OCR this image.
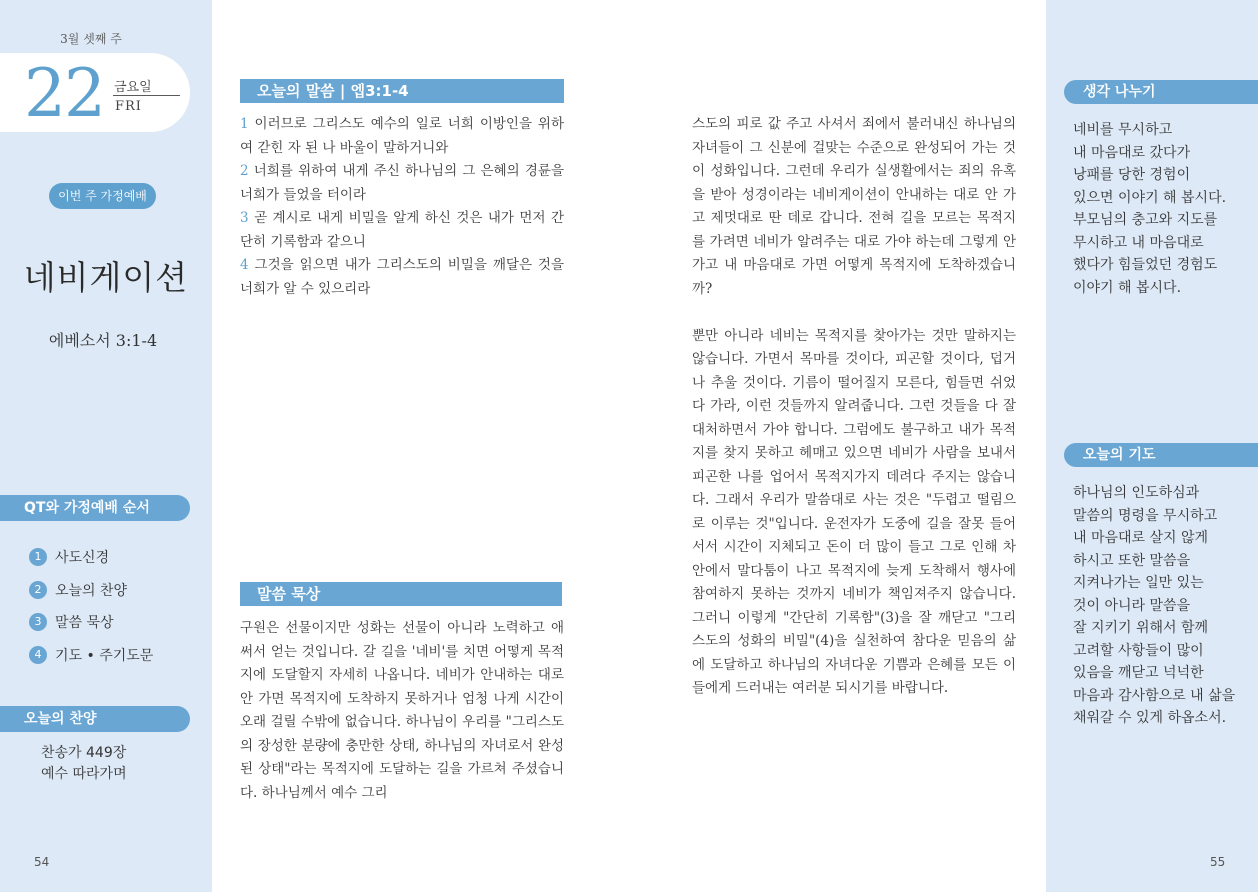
3월 셋째 주
22 금요일
FRI
이번 주 가정예배
네비게이션
에베소서 3:1-4
QT와 가정예배 순서
1 사도신경
2 오늘의 찬양
3 말씀 묵상
4 기도 • 주기도문
오늘의 찬양
찬송가 449장
예수 따라가며
54
오늘의 말씀 | 엡3:1-4
1 이러므로 그리스도 예수의 일로 너희 이방인을 위하여 갇힌 자 된 나 바울이 말하거니와
2 너희를 위하여 내게 주신 하나님의 그 은혜의 경륜을 너희가 들었을 터이라
3 곧 계시로 내게 비밀을 알게 하신 것은 내가 먼저 간단히 기록함과 같으니
4 그것을 읽으면 내가 그리스도의 비밀을 깨달은 것을 너희가 알 수 있으리라
말씀 묵상
구원은 선물이지만 성화는 선물이 아니라 노력하고 애써서 얻는 것입니다. 갈 길을 '네비'를 치면 어떻게 목적지에 도달할지 자세히 나옵니다. 네비가 안내하는 대로 안 가면 목적지에 도착하지 못하거나 엄청 나게 시간이 오래 걸릴 수밖에 없습니다. 하나님이 우리를 "그리스도의 장성한 분량에 충만한 상태, 하나님의 자녀로서 완성된 상태"라는 목적지에 도달하는 길을 가르쳐 주셨습니다. 하나님께서 예수 그리
스도의 피로 값 주고 사셔서 죄에서 불러내신 하나님의 자녀들이 그 신분에 걸맞는 수준으로 완성되어 가는 것이 성화입니다. 그런데 우리가 실생활에서는 죄의 유혹을 받아 성경이라는 네비게이션이 안내하는 대로 안 가고 제멋대로 딴 데로 갑니다. 전혀 길을 모르는 목적지를 가려면 네비가 알려주는 대로 가야 하는데 그렇게 안 가고 내 마음대로 가면 어떻게 목적지에 도착하겠습니까?
뿐만 아니라 네비는 목적지를 찾아가는 것만 말하지는 않습니다. 가면서 목마를 것이다, 피곤할 것이다, 덥거나 추울 것이다. 기름이 떨어질지 모른다, 힘들면 쉬었다 가라, 이런 것들까지 알려줍니다. 그런 것들을 다 잘 대처하면서 가야 합니다. 그럼에도 불구하고 내가 목적지를 찾지 못하고 헤매고 있으면 네비가 사람을 보내서 피곤한 나를 업어서 목적지가지 데려다 주지는 않습니다. 그래서 우리가 말씀대로 사는 것은 "두렵고 떨림으로 이루는 것"입니다. 운전자가 도중에 길을 잘못 들어서서 시간이 지체되고 돈이 더 많이 들고 그로 인해 차 안에서 말다툼이 나고 목적지에 늦게 도착해서 행사에 참여하지 못하는 것까지 네비가 책임져주지 않습니다. 그러니 이렇게 "간단히 기록함"(3)을 잘 깨닫고 "그리스도의 성화의 비밀"(4)을 실천하여 참다운 믿음의 삶에 도달하고 하나님의 자녀다운 기쁨과 은혜를 모든 이들에게 드러내는 여러분 되시기를 바랍니다.
생각 나누기
네비를 무시하고
내 마음대로 갔다가
낭패를 당한 경험이
있으면 이야기 해 봅시다.
부모님의 충고와 지도를
무시하고 내 마음대로
했다가 힘들었던 경험도
이야기 해 봅시다.
오늘의 기도
하나님의 인도하심과
말씀의 명령을 무시하고
내 마음대로 살지 않게
하시고 또한 말씀을
지켜나가는 일만 있는
것이 아니라 말씀을
잘 지키기 위해서 함께
고려할 사항들이 많이
있음을 깨닫고 넉넉한
마음과 감사함으로 내 삶을
채워갈 수 있게 하옵소서.
55
